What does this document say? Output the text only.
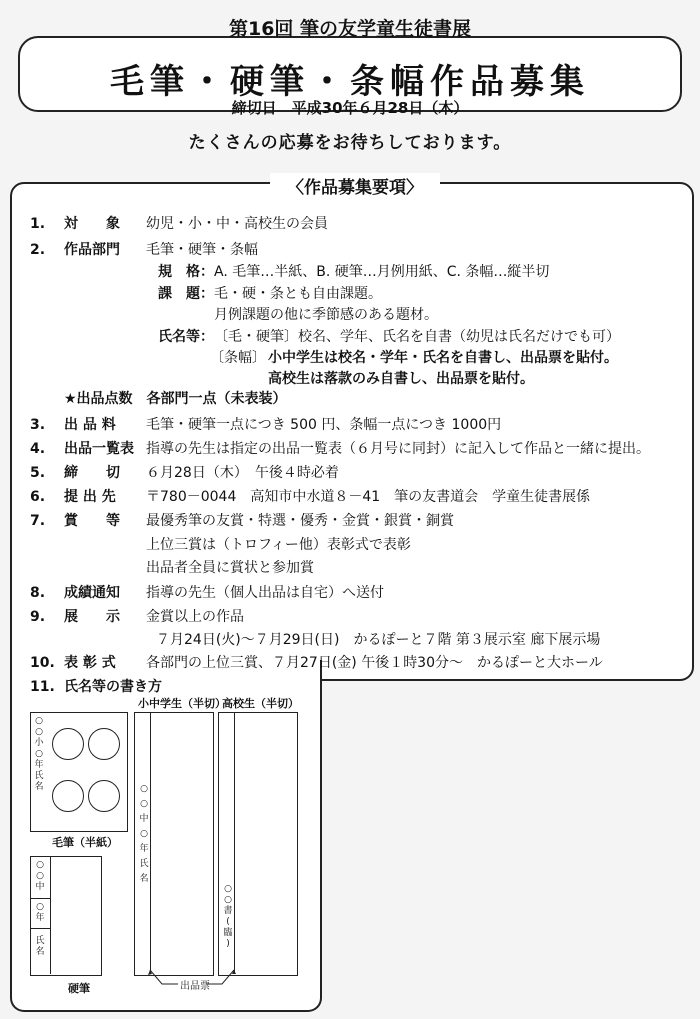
第16回 筆の友学童生徒書展
毛筆・硬筆・条幅作品募集
締切日　平成30年６月28日（木）
たくさんの応募をお待ちしております。
〈作品募集要項〉
1. 対　　象 幼児・小・中・高校生の会員
2. 作品部門 毛筆・硬筆・条幅
規　格： A. 毛筆…半紙、B. 硬筆…月例用紙、C. 条幅…縦半切
課　題： 毛・硬・条とも自由課題。
月例課題の他に季節感のある題材。
氏名等： 〔毛・硬筆〕校名、学年、氏名を自書（幼児は氏名だけでも可）
〔条幅〕 小中学生は校名・学年・氏名を自書し、出品票を貼付。
高校生は落款のみ自書し、出品票を貼付。
★出品点数　各部門一点（未表装）
3. 出 品 料 毛筆・硬筆一点につき 500 円、条幅一点につき 1000円
4. 出品一覧表 指導の先生は指定の出品一覧表（６月号に同封）に記入して作品と一緒に提出。
5. 締　　切 ６月28日（木）　午後４時必着
6. 提 出 先 〒780－0044　高知市中水道８－41　筆の友書道会　学童生徒書展係
7. 賞　　等 最優秀筆の友賞・特選・優秀・金賞・銀賞・銅賞
上位三賞は（トロフィー他）表彰式で表彰
出品者全員に賞状と参加賞
8. 成績通知 指導の先生（個人出品は自宅）へ送付
9. 展　　示 金賞以上の作品
７月24日(火)～７月29日(日)　かるぽーと７階 第３展示室 廊下展示場
10. 表 彰 式 各部門の上位三賞、７月27日(金) 午後１時30分～　かるぽーと大ホール
11. 氏名等の書き方
○
○
小
○
年
氏
名
毛筆（半紙）
○
○
中
○
年
氏
名
硬筆
小中学生（半切）
○
○
中
○
年
氏
名
高校生（半切）
○
○
書
(
臨
)
出品票
